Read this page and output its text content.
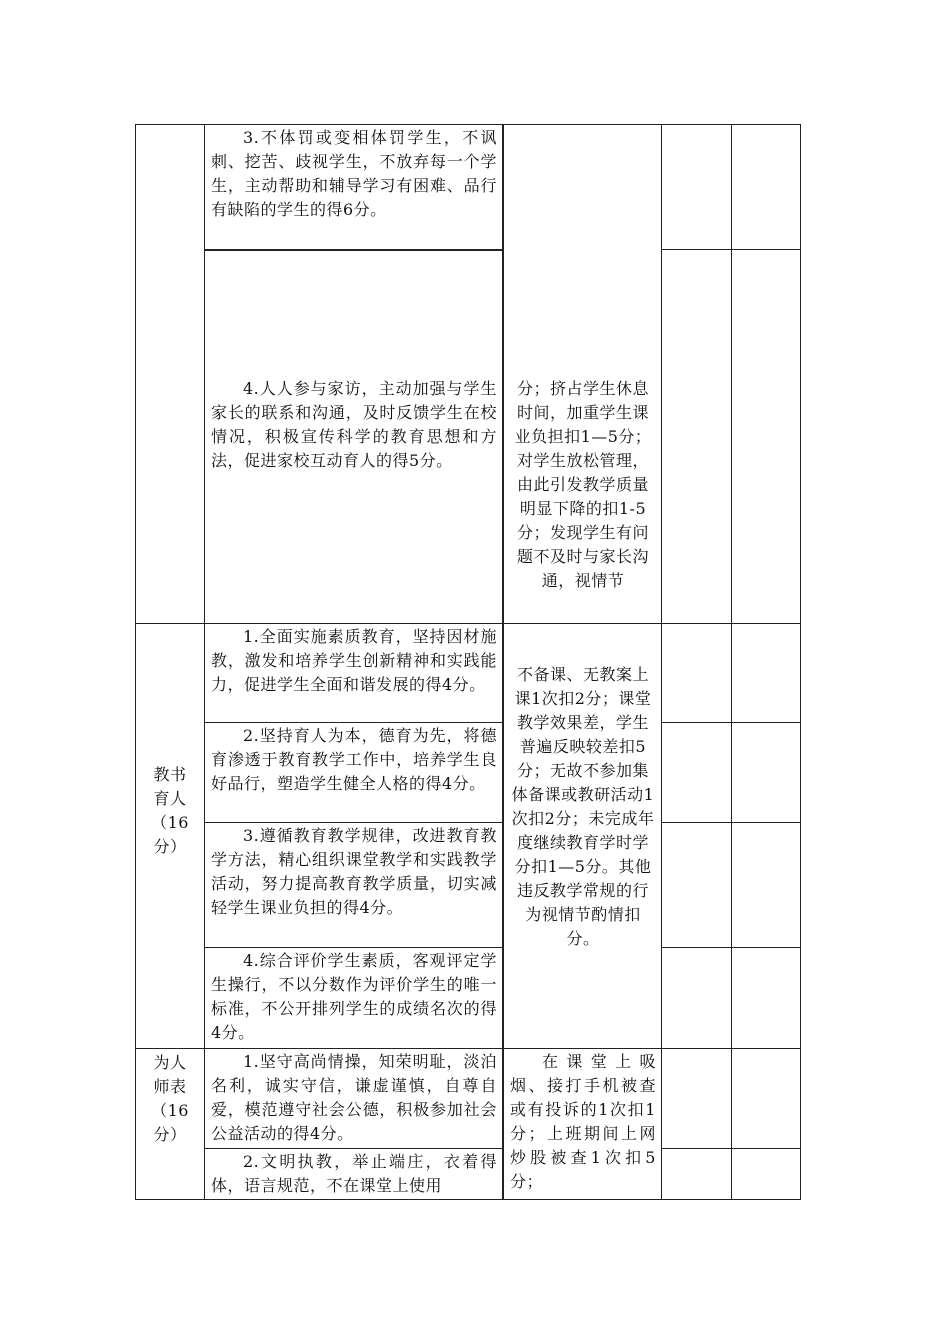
3.不体罚或变相体罚学生，不讽刺、挖苦、歧视学生，不放弃每一个学生，主动帮助和辅导学习有困难、品行有缺陷的学生的得6分。
4.人人参与家访，主动加强与学生家长的联系和沟通，及时反馈学生在校情况，积极宣传科学的教育思想和方法，促进家校互动育人的得5分。
分；挤占学生休息时间，加重学生课业负担扣1—5分；对学生放松管理，由此引发教学质量明显下降的扣1-5分；发现学生有问题不及时与家长沟通，视情节
教书育人（16分）
1.全面实施素质教育，坚持因材施教，激发和培养学生创新精神和实践能力，促进学生全面和谐发展的得4分。
2.坚持育人为本，德育为先，将德育渗透于教育教学工作中，培养学生良好品行，塑造学生健全人格的得4分。
3.遵循教育教学规律，改进教育教学方法，精心组织课堂教学和实践教学活动，努力提高教育教学质量，切实减轻学生课业负担的得4分。
4.综合评价学生素质，客观评定学生操行，不以分数作为评价学生的唯一标准，不公开排列学生的成绩名次的得4分。
不备课、无教案上课1次扣2分；课堂教学效果差，学生普遍反映较差扣5分；无故不参加集体备课或教研活动1次扣2分；未完成年度继续教育学时学分扣1—5分。其他违反教学常规的行为视情节酌情扣分。
为人师表（16分）
1.坚守高尚情操，知荣明耻，淡泊名利，诚实守信，谦虚谨慎，自尊自爱，模范遵守社会公德，积极参加社会公益活动的得4分。
2.文明执教，举止端庄，衣着得体，语言规范，不在课堂上使用
在课堂上吸烟、接打手机被查或有投诉的1次扣1分；上班期间上网炒股被查1次扣5分；
